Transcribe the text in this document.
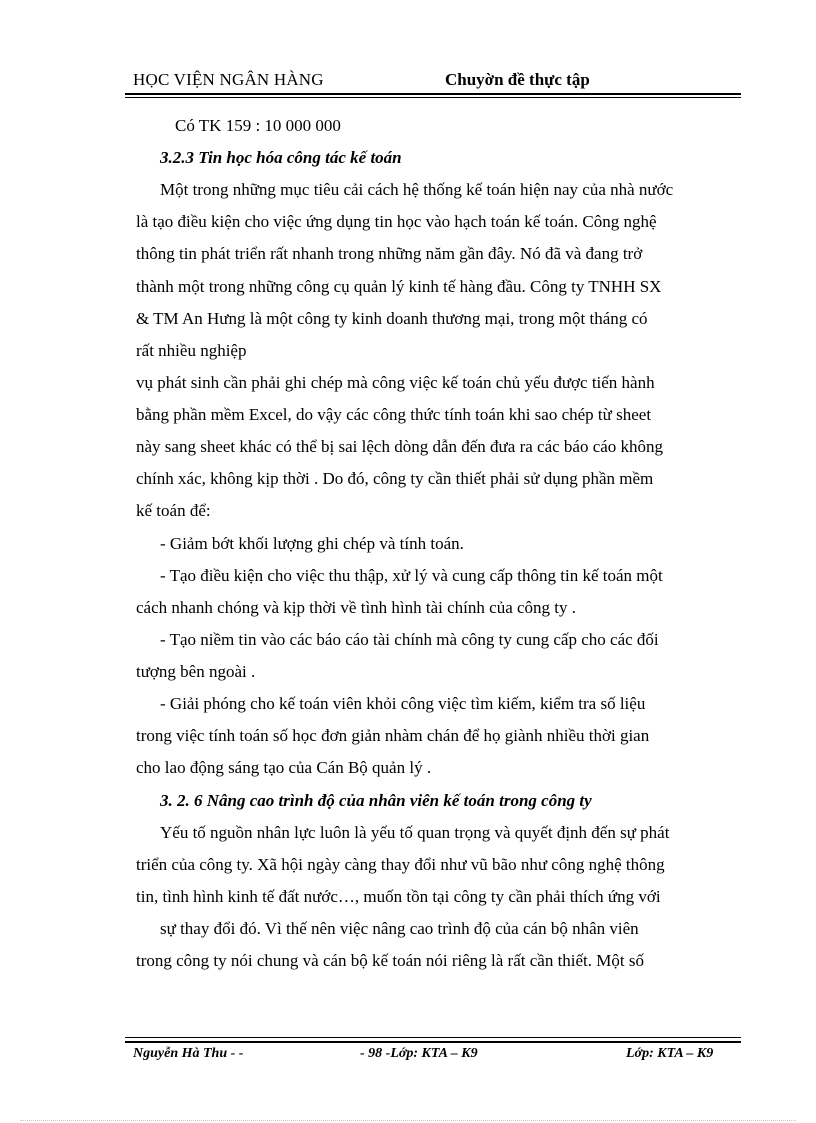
HỌC VIỆN NGÂN HÀNG	Chuyờn đề thực tập
Có TK 159 : 10 000 000
3.2.3 Tin học hóa công tác kế toán
Một trong những mục tiêu cải cách hệ thống kế toán hiện nay của nhà nước
là tạo điều kiện cho việc ứng dụng tin học vào hạch toán kế toán. Công nghệ
thông tin phát triển rất nhanh trong những năm gần đây. Nó đã và đang trở
thành một trong những công cụ quản lý kinh tế hàng đầu. Công ty TNHH SX
& TM An Hưng là một công ty kinh doanh thương mại, trong một tháng có
rất nhiều nghiệp
vụ phát sinh cần phải ghi chép mà công việc kế toán chủ yếu được tiến hành
bằng phần mềm Excel, do vậy các công thức tính toán khi sao chép từ sheet
này sang sheet khác có thể bị sai lệch dòng dẫn đến đưa ra các báo cáo không
chính xác, không kịp thời . Do đó, công ty cần thiết phải sử dụng phần mềm
kế toán để:
- Giảm bớt khối lượng ghi chép và tính toán.
- Tạo điều kiện cho việc thu thập, xử lý và cung cấp thông tin kế toán một
cách nhanh chóng và kịp thời về tình hình tài chính của công ty .
- Tạo niềm tin vào các báo cáo tài chính mà công ty cung cấp cho các đối
tượng bên ngoài .
- Giải phóng cho kế toán viên khỏi công việc tìm kiếm, kiểm tra số liệu
trong việc tính toán số học đơn giản nhàm chán để họ giành nhiều thời gian
cho lao động sáng tạo của Cán Bộ quản lý .
3. 2. 6 Nâng cao trình độ của nhân viên kế toán trong công ty
Yếu tố nguồn nhân lực luôn là yếu tố quan trọng và quyết định đến sự phát
triển của công ty. Xã hội ngày càng thay đổi như vũ bão như công nghệ thông
tin, tình hình kinh tế đất nước…, muốn tồn tại công ty cần phải thích ứng với
sự thay đổi đó. Vì thế nên việc nâng cao trình độ của cán bộ nhân viên
trong công ty nói chung và cán bộ kế toán nói riêng là rất cần thiết. Một số
Nguyễn Hà Thu - -	- 98 -Lớp: KTA – K9	Lớp: KTA – K9
